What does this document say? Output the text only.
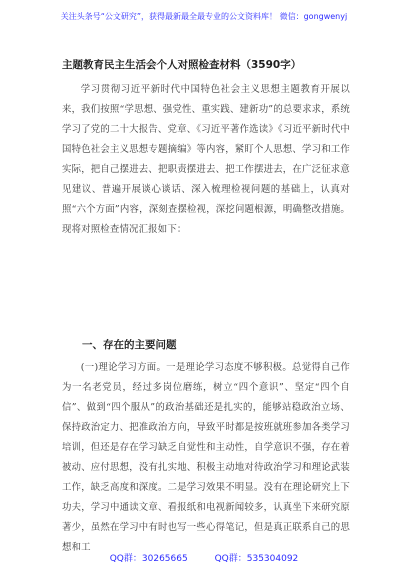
关注头条号“公文研究”，获得最新最全最专业的公文资料库！ 微信：gongwenyj
主题教育民主生活会个人对照检查材料（3590字）

学习贯彻习近平新时代中国特色社会主义思想主题教育开展以来，我们按照“学思想、强党性、重实践、建新功”的总要求求，系统学习了党的二十大报告、党章、《习近平著作选读》《习近平新时代中国特色社会主义思想专题摘编》等内容，紧盯个人思想、学习和工作实际，把自己摆进去、把职责摆进去、把工作摆进去，在广泛征求意见建议、普遍开展谈心谈话、深入梳理检视问题的基础上，认真对照“六个方面”内容，深刻查摆检视，深挖问题根源，明确整改措施。现将对照检查情况汇报如下：

一、存在的主要问题

(一)理论学习方面。一是理论学习态度不够积极。总觉得自己作为一名老党员，经过多岗位磨练，树立“四个意识”、坚定“四个自信”、做到“四个服从”的政治基础还是扎实的，能够站稳政治立场、保持政治定力、把准政治方向，导致平时都是按班就班参加各类学习培训，但还是存在学习缺乏自觉性和主动性，自学意识不强，存在着被动、应付思想，没有扎实地、积极主动地对待政治学习和理论武装工作，缺乏高度和深度。二是学习效果不明显。没有在理论研究上下功夫，学习中通读文章、看报纸和电视新闻较多，认真坐下来研究原著少，虽然在学习中有时也写一些心得笔记，但是真正联系自己的思想和工

QQ群：30265665	QQ群：535304092
